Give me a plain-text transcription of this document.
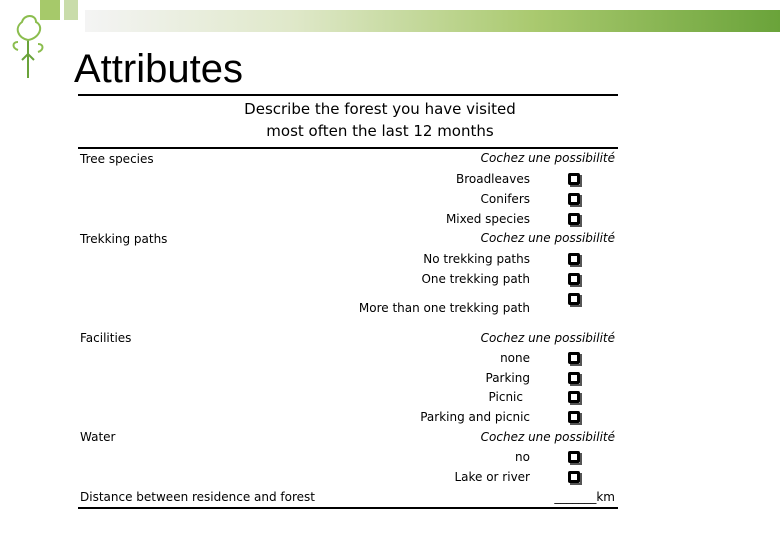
Attributes
Describe the forest you have visited
most often the last 12 months
Tree species	Cochez une possibilité
Broadleaves
Conifers
Mixed species
Trekking paths	Cochez une possibilité
No trekking paths
One trekking path
More than one trekking path
Facilities	Cochez une possibilité
none
Parking
Picnic
Parking and picnic
Water	Cochez une possibilité
no
Lake or river
Distance between residence and forest	_______km
